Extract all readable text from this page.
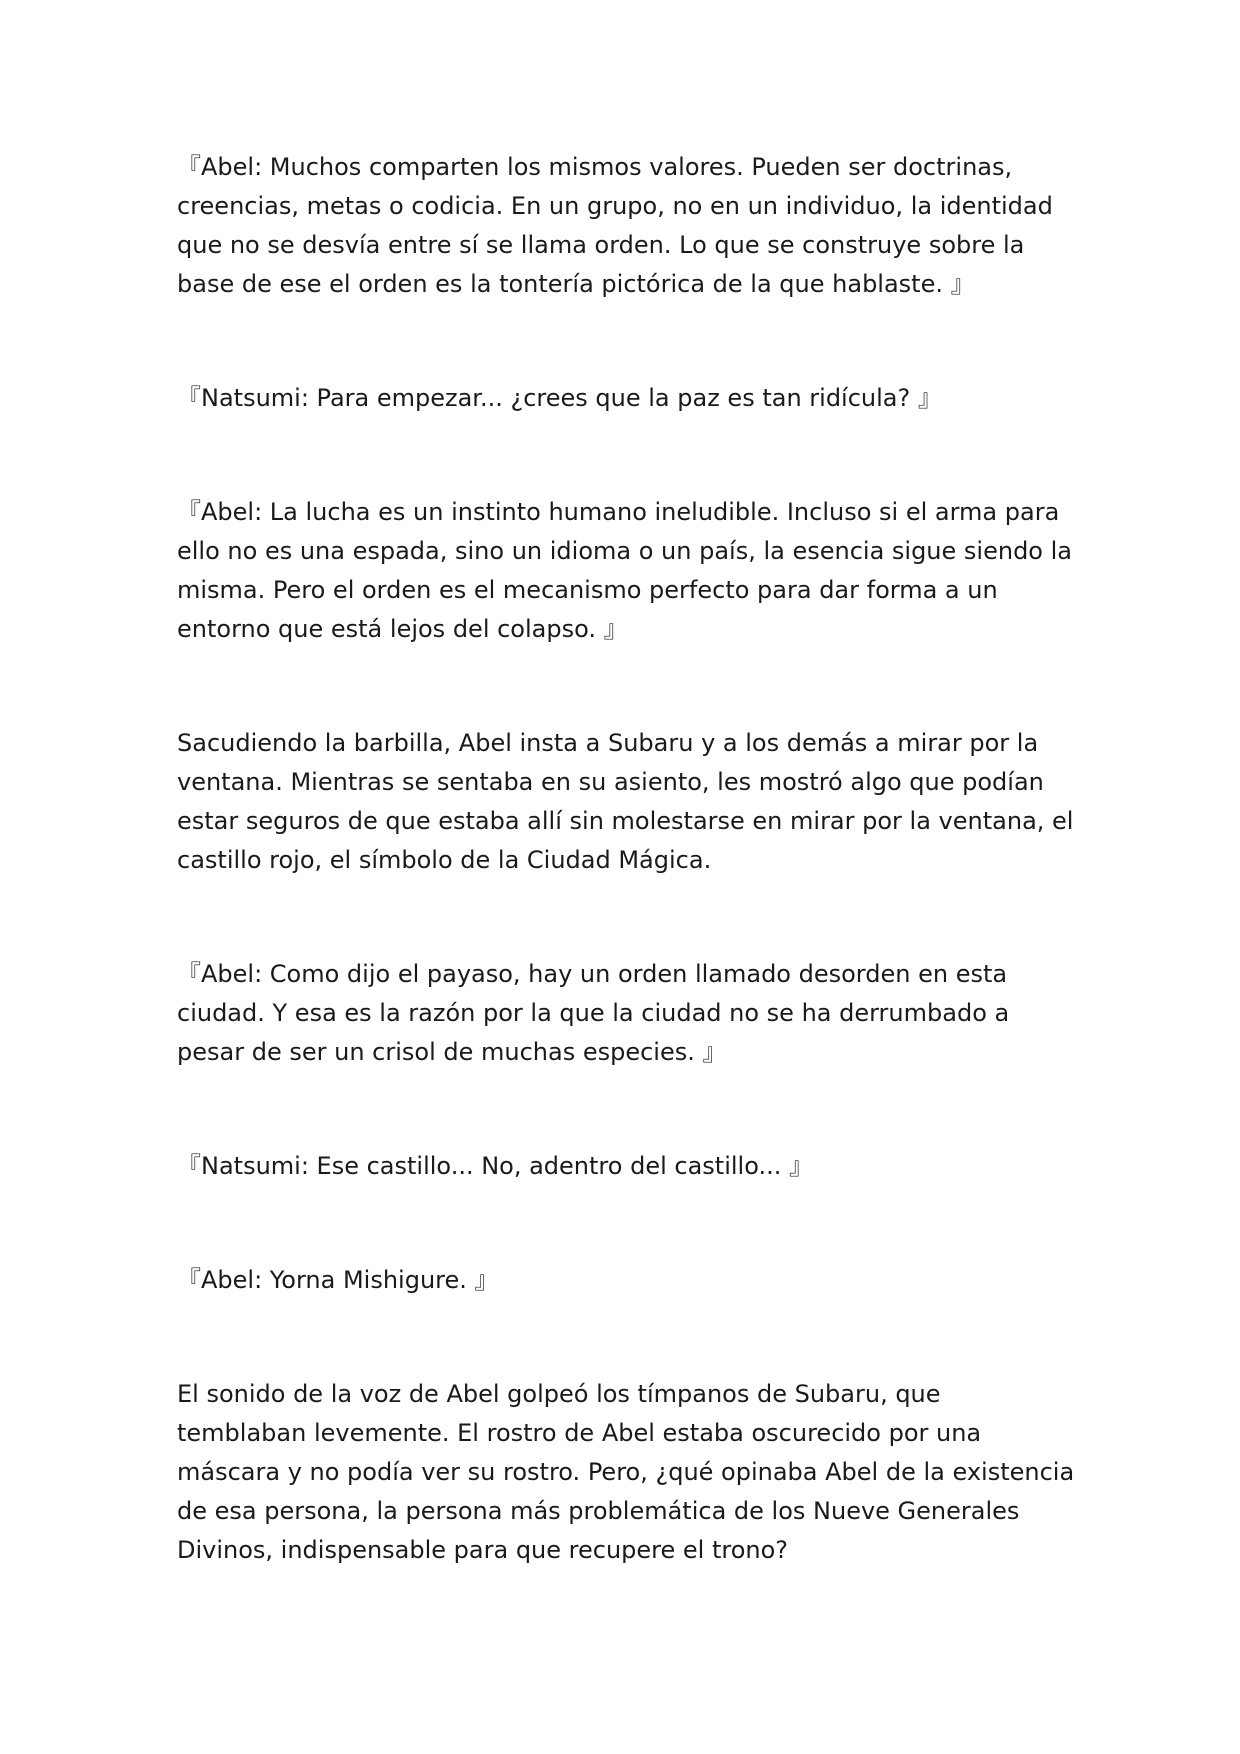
『Abel: Muchos comparten los mismos valores. Pueden ser doctrinas, creencias, metas o codicia. En un grupo, no en un individuo, la identidad que no se desvía entre sí se llama orden. Lo que se construye sobre la base de ese el orden es la tontería pictórica de la que hablaste. 』

『Natsumi: Para empezar... ¿crees que la paz es tan ridícula? 』

『Abel: La lucha es un instinto humano ineludible. Incluso si el arma para ello no es una espada, sino un idioma o un país, la esencia sigue siendo la misma. Pero el orden es el mecanismo perfecto para dar forma a un entorno que está lejos del colapso. 』

Sacudiendo la barbilla, Abel insta a Subaru y a los demás a mirar por la ventana. Mientras se sentaba en su asiento, les mostró algo que podían estar seguros de que estaba allí sin molestarse en mirar por la ventana, el castillo rojo, el símbolo de la Ciudad Mágica.

『Abel: Como dijo el payaso, hay un orden llamado desorden en esta ciudad. Y esa es la razón por la que la ciudad no se ha derrumbado a pesar de ser un crisol de muchas especies. 』

『Natsumi: Ese castillo... No, adentro del castillo... 』

『Abel: Yorna Mishigure. 』

El sonido de la voz de Abel golpeó los tímpanos de Subaru, que temblaban levemente. El rostro de Abel estaba oscurecido por una máscara y no podía ver su rostro. Pero, ¿qué opinaba Abel de la existencia de esa persona, la persona más problemática de los Nueve Generales Divinos, indispensable para que recupere el trono?
